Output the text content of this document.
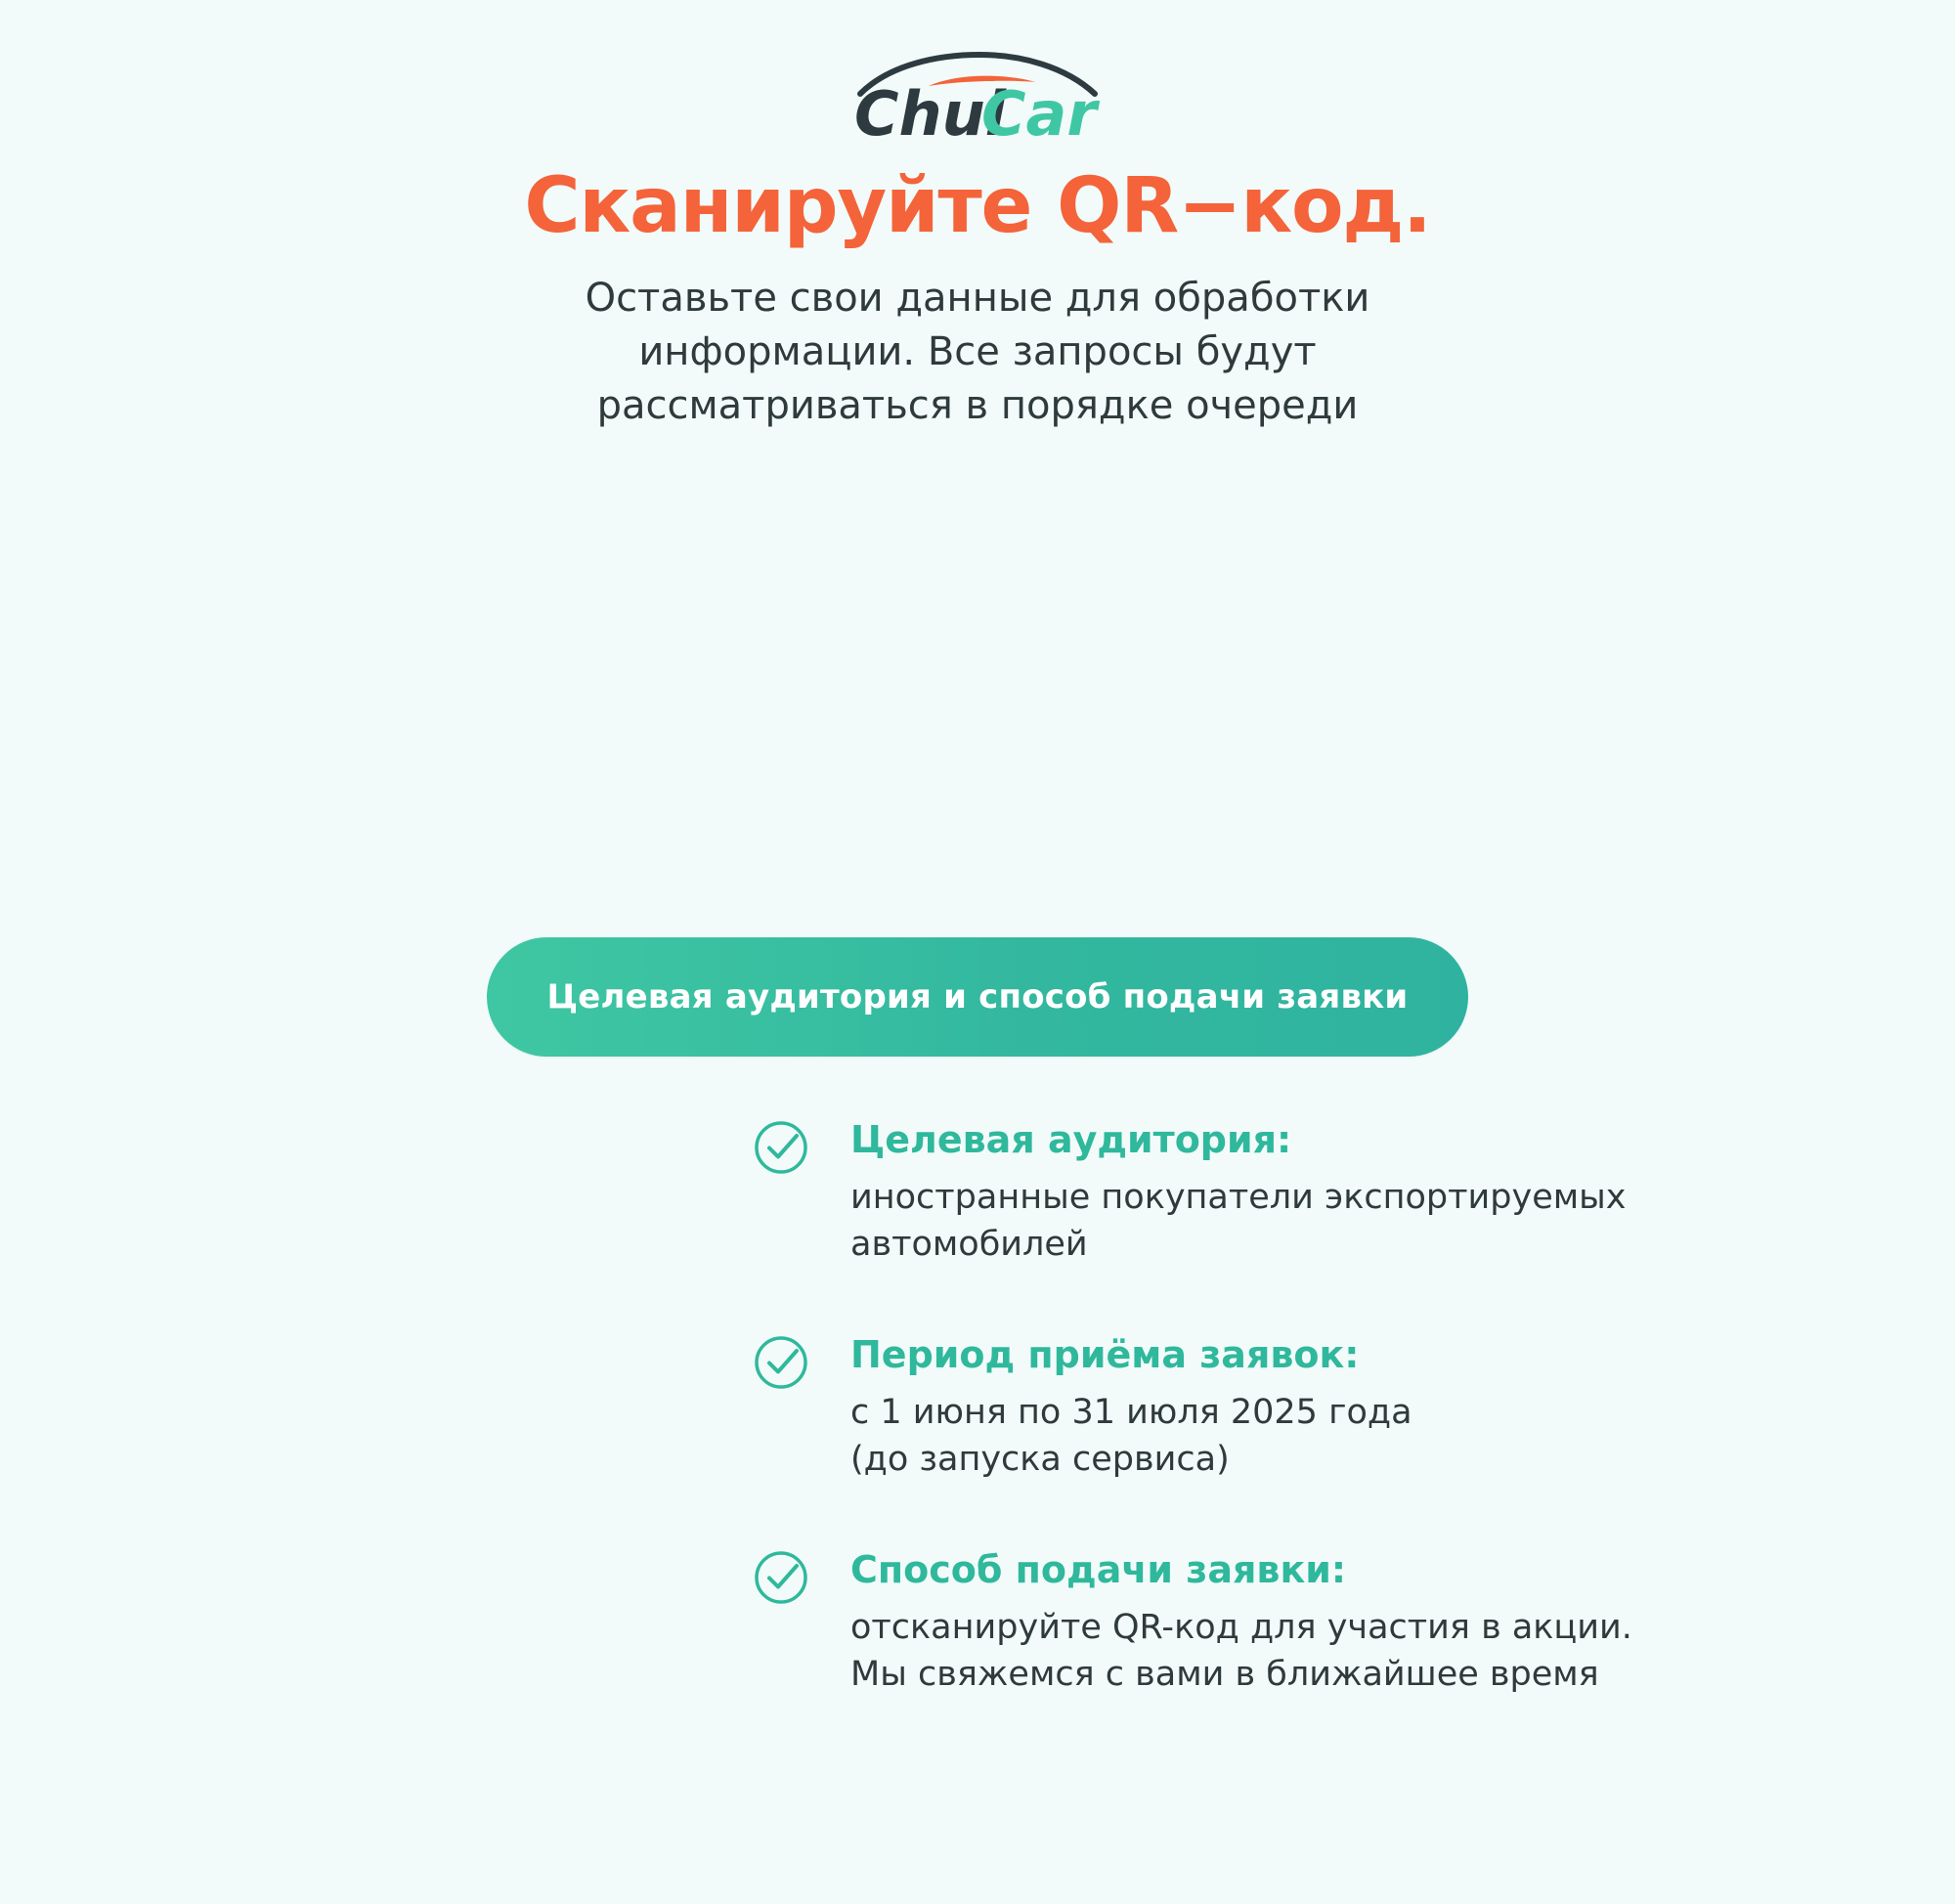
Chul
Car
Сканируйте QR−код.
Оставьте свои данные для обработки информации. Все запросы будут рассматриваться в порядке очереди
Целевая аудитория и способ подачи заявки
Целевая аудитория:
иностранные покупатели экспортируемых
автомобилей
Период приёма заявок:
с 1 июня по 31 июля 2025 года
(до запуска сервиса)
Способ подачи заявки:
отсканируйте QR-код для участия в акции.
Мы свяжемся с вами в ближайшее время
